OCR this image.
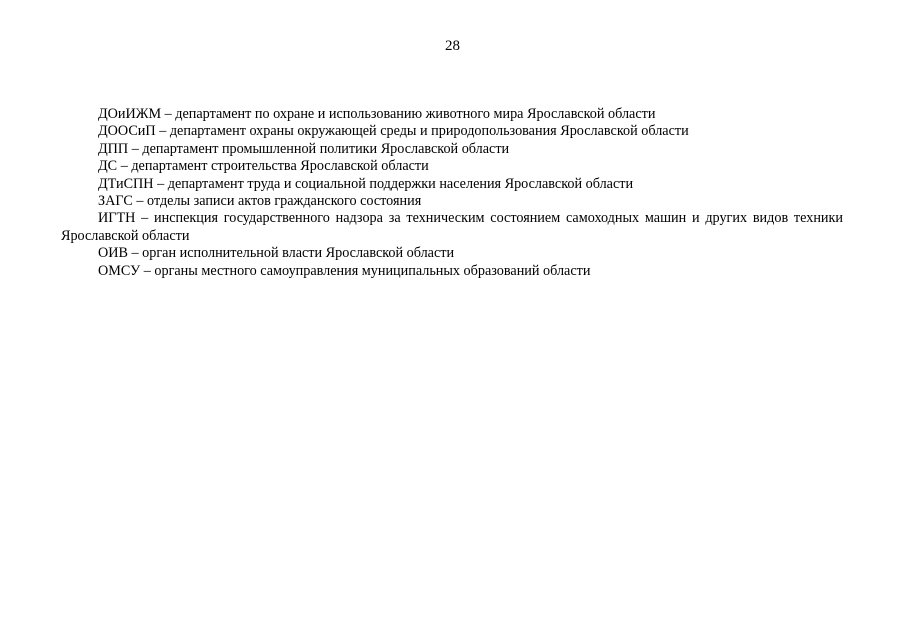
28

ДОиИЖМ – департамент по охране и использованию животного мира Ярославской области

ДООСиП – департамент охраны окружающей среды и природопользования Ярославской области

ДПП – департамент промышленной политики Ярославской области

ДС – департамент строительства Ярославской области

ДТиСПН – департамент труда и социальной поддержки населения Ярославской области

ЗАГС – отделы записи актов гражданского состояния

ИГТН – инспекция государственного надзора за техническим состоянием самоходных машин и других видов техники Ярославской области

ОИВ – орган исполнительной власти Ярославской области

ОМСУ – органы местного самоуправления муниципальных образований области
